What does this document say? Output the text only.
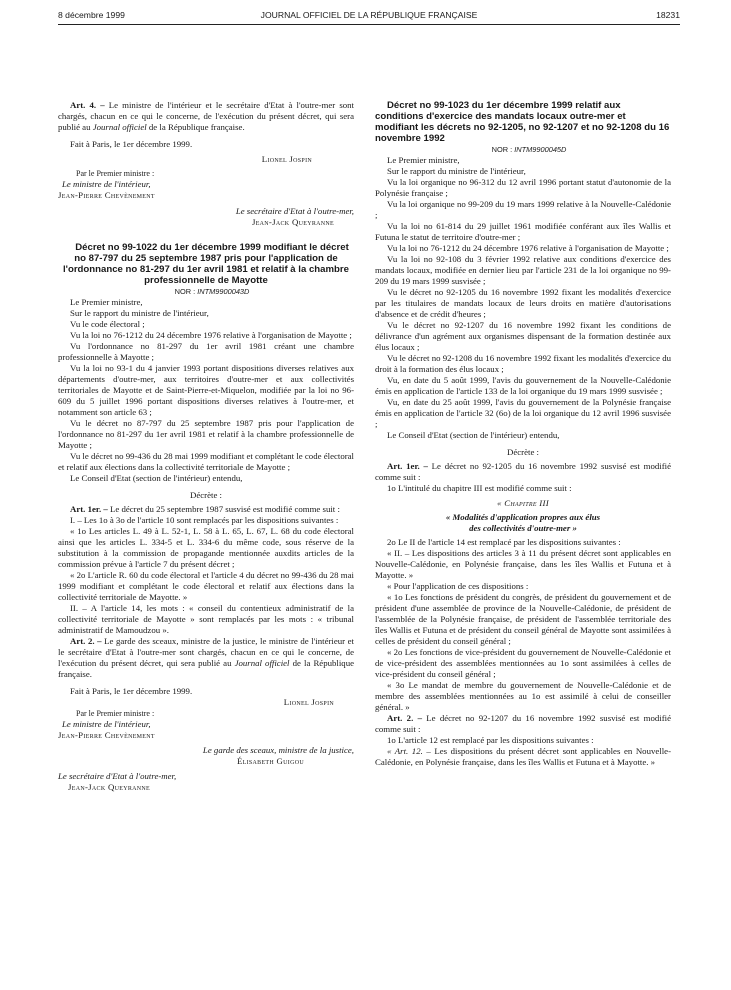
8 décembre 1999	JOURNAL OFFICIEL DE LA RÉPUBLIQUE FRANÇAISE	18231

Art. 4. – Le ministre de l'intérieur et le secrétaire d'Etat à l'outre-mer sont chargés, chacun en ce qui le concerne, de l'exécution du présent décret, qui sera publié au Journal officiel de la République française.

Fait à Paris, le 1er décembre 1999.

Lionel Jospin

Par le Premier ministre :

Le ministre de l'intérieur,

Jean-Pierre Chevènement

Le secrétaire d'Etat à l'outre-mer,

Jean-Jack Queyranne

Décret no 99-1022 du 1er décembre 1999 modifiant le décret no 87-797 du 25 septembre 1987 pris pour l'application de l'ordonnance no 81-297 du 1er avril 1981 et relatif à la chambre professionnelle de Mayotte

NOR : INTM9900043D

Le Premier ministre,

Sur le rapport du ministre de l'intérieur,

Vu le code électoral ;

Vu la loi no 76-1212 du 24 décembre 1976 relative à l'organisation de Mayotte ;

Vu l'ordonnance no 81-297 du 1er avril 1981 créant une chambre professionnelle à Mayotte ;

Vu la loi no 93-1 du 4 janvier 1993 portant dispositions diverses relatives aux départements d'outre-mer, aux territoires d'outre-mer et aux collectivités territoriales de Mayotte et de Saint-Pierre-et-Miquelon, modifiée par la loi no 96-609 du 5 juillet 1996 portant dispositions diverses relatives à l'outre-mer, et notamment son article 63 ;

Vu le décret no 87-797 du 25 septembre 1987 pris pour l'application de l'ordonnance no 81-297 du 1er avril 1981 et relatif à la chambre professionnelle de Mayotte ;

Vu le décret no 99-436 du 28 mai 1999 modifiant et complétant le code électoral et relatif aux élections dans la collectivité territoriale de Mayotte ;

Le Conseil d'Etat (section de l'intérieur) entendu,

Décrète :

Art. 1er. – Le décret du 25 septembre 1987 susvisé est modifié comme suit :

I. – Les 1o à 3o de l'article 10 sont remplacés par les dispositions suivantes :

« 1o Les articles L. 49 à L. 52-1, L. 58 à L. 65, L. 67, L. 68 du code électoral ainsi que les articles L. 334-5 et L. 334-6 du même code, sous réserve de la substitution à la commission de propagande mentionnée auxdits articles de la commission prévue à l'article 7 du présent décret ;

« 2o L'article R. 60 du code électoral et l'article 4 du décret no 99-436 du 28 mai 1999 modifiant et complétant le code électoral et relatif aux élections dans la collectivité territoriale de Mayotte. »

II. – A l'article 14, les mots : « conseil du contentieux administratif de la collectivité territoriale de Mayotte » sont remplacés par les mots : « tribunal administratif de Mamoudzou ».

Art. 2. – Le garde des sceaux, ministre de la justice, le ministre de l'intérieur et le secrétaire d'Etat à l'outre-mer sont chargés, chacun en ce qui le concerne, de l'exécution du présent décret, qui sera publié au Journal officiel de la République française.

Fait à Paris, le 1er décembre 1999.

Lionel Jospin

Par le Premier ministre :

Le ministre de l'intérieur,

Jean-Pierre Chevènement

Le garde des sceaux, ministre de la justice,

Élisabeth Guigou

Le secrétaire d'Etat à l'outre-mer,

Jean-Jack Queyranne

Décret no 99-1023 du 1er décembre 1999 relatif aux conditions d'exercice des mandats locaux outre-mer et modifiant les décrets no 92-1205, no 92-1207 et no 92-1208 du 16 novembre 1992

NOR : INTM9900045D

Le Premier ministre,

Sur le rapport du ministre de l'intérieur,

Vu la loi organique no 96-312 du 12 avril 1996 portant statut d'autonomie de la Polynésie française ;

Vu la loi organique no 99-209 du 19 mars 1999 relative à la Nouvelle-Calédonie ;

Vu la loi no 61-814 du 29 juillet 1961 modifiée conférant aux îles Wallis et Futuna le statut de territoire d'outre-mer ;

Vu la loi no 76-1212 du 24 décembre 1976 relative à l'organisation de Mayotte ;

Vu la loi no 92-108 du 3 février 1992 relative aux conditions d'exercice des mandats locaux, modifiée en dernier lieu par l'article 231 de la loi organique no 99-209 du 19 mars 1999 susvisée ;

Vu le décret no 92-1205 du 16 novembre 1992 fixant les modalités d'exercice par les titulaires de mandats locaux de leurs droits en matière d'autorisations d'absence et de crédit d'heures ;

Vu le décret no 92-1207 du 16 novembre 1992 fixant les conditions de délivrance d'un agrément aux organismes dispensant de la formation destinée aux élus locaux ;

Vu le décret no 92-1208 du 16 novembre 1992 fixant les modalités d'exercice du droit à la formation des élus locaux ;

Vu, en date du 5 août 1999, l'avis du gouvernement de la Nouvelle-Calédonie émis en application de l'article 133 de la loi organique du 19 mars 1999 susvisée ;

Vu, en date du 25 août 1999, l'avis du gouvernement de la Polynésie française émis en application de l'article 32 (6o) de la loi organique du 12 avril 1996 susvisée ;

Le Conseil d'Etat (section de l'intérieur) entendu,

Décrète :

Art. 1er. – Le décret no 92-1205 du 16 novembre 1992 susvisé est modifié comme suit :

1o L'intitulé du chapitre III est modifié comme suit :

« Chapitre III

« Modalités d'application propres aux élus

des collectivités d'outre-mer »

2o Le II de l'article 14 est remplacé par les dispositions suivantes :

« II. – Les dispositions des articles 3 à 11 du présent décret sont applicables en Nouvelle-Calédonie, en Polynésie française, dans les îles Wallis et Futuna et à Mayotte. »

« Pour l'application de ces dispositions :

« 1o Les fonctions de président du congrès, de président du gouvernement et de président d'une assemblée de province de la Nouvelle-Calédonie, de président de l'assemblée de la Polynésie française, de président de l'assemblée territoriale des îles Wallis et Futuna et de président du conseil général de Mayotte sont assimilées à celles de président du conseil général ;

« 2o Les fonctions de vice-président du gouvernement de Nouvelle-Calédonie et de vice-président des assemblées mentionnées au 1o sont assimilées à celles de vice-président du conseil général ;

« 3o Le mandat de membre du gouvernement de Nouvelle-Calédonie et de membre des assemblées mentionnées au 1o est assimilé à celui de conseiller général. »

Art. 2. – Le décret no 92-1207 du 16 novembre 1992 susvisé est modifié comme suit :

1o L'article 12 est remplacé par les dispositions suivantes :

« Art. 12. – Les dispositions du présent décret sont applicables en Nouvelle-Calédonie, en Polynésie française, dans les îles Wallis et Futuna et à Mayotte. »
